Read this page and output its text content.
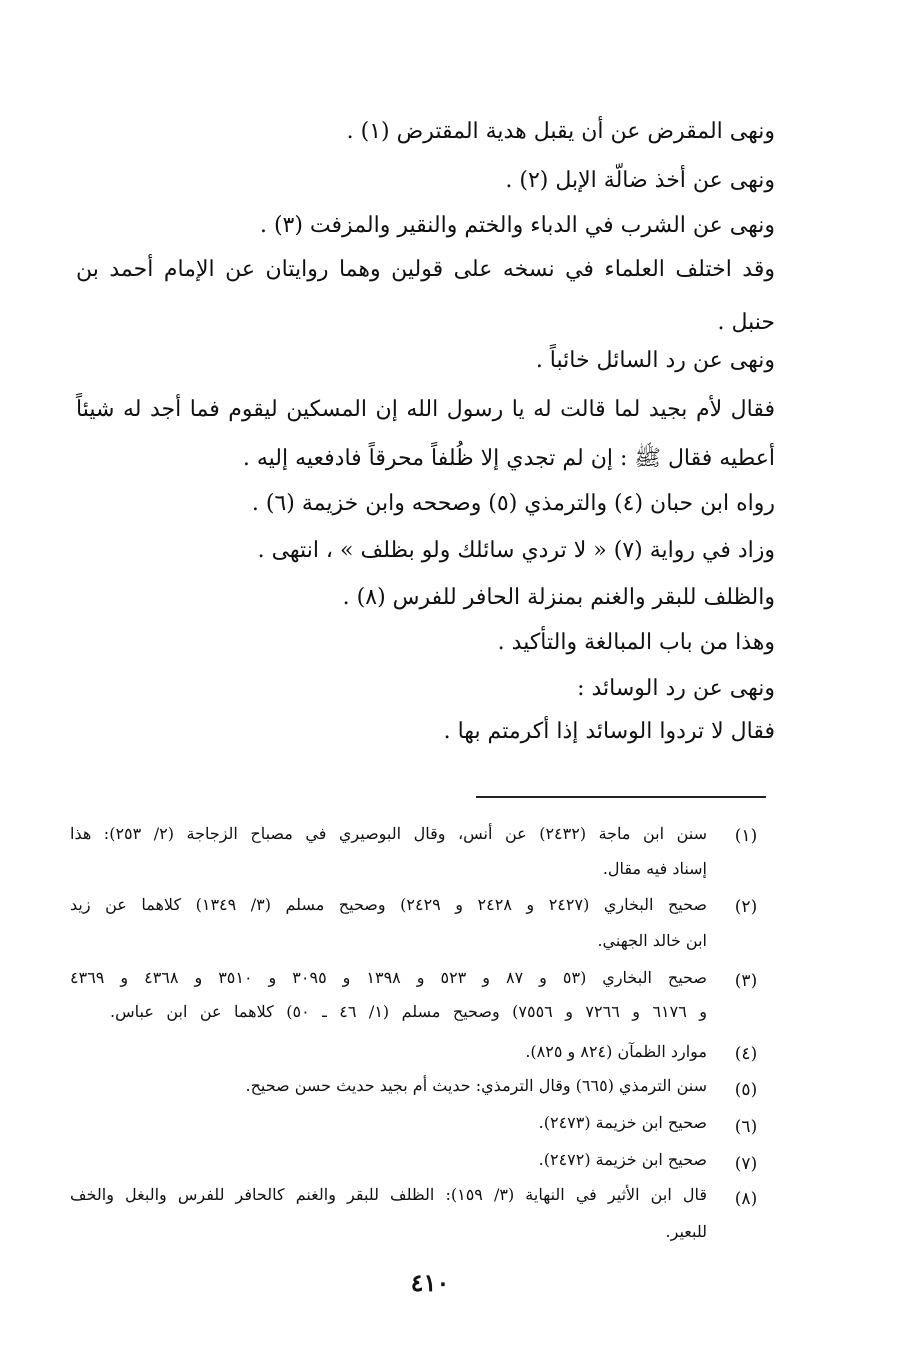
ونهى المقرض عن أن يقبل هدية المقترض (١) .
ونهى عن أخذ ضالّة الإبل (٢) .
ونهى عن الشرب في الدباء والختم والنقير والمزفت (٣) .
وقد اختلف العلماء في نسخه على قولين وهما روايتان عن الإمام أحمد بن
حنبل .
ونهى عن رد السائل خائباً .
فقال لأم بجيد لما قالت له يا رسول الله إن المسكين ليقوم فما أجد له شيئاً
أعطيه فقال ﷺ : إن لم تجدي إلا ظُلفاً محرقاً فادفعيه إليه .
رواه ابن حبان (٤) والترمذي (٥) وصححه وابن خزيمة (٦) .
وزاد في رواية (٧) « لا تردي سائلك ولو بظلف » ، انتهى .
والظلف للبقر والغنم بمنزلة الحافر للفرس (٨) .
وهذا من باب المبالغة والتأكيد .
ونهى عن رد الوسائد :
فقال لا تردوا الوسائد إذا أكرمتم بها .
(١)
سنن ابن ماجة (٢٤٣٢) عن أنس، وقال البوصيري في مصباح الزجاجة (٢/ ٢٥٣): هذا
إسناد فيه مقال.
(٢)
صحيح البخاري (٢٤٢٧ و ٢٤٢٨ و ٢٤٢٩) وصحيح مسلم (٣/ ١٣٤٩) كلاهما عن زيد
ابن خالد الجهني.
(٣)
صحيح البخاري (٥٣ و ٨٧ و ٥٢٣ و ١٣٩٨ و ٣٠٩٥ و ٣٥١٠ و ٤٣٦٨ و ٤٣٦٩
و ٦١٧٦ و ٧٢٦٦ و ٧٥٥٦) وصحيح مسلم (١/ ٤٦ ـ ٥٠) كلاهما عن ابن عباس.
(٤)
موارد الظمآن (٨٢٤ و ٨٢٥).
(٥)
سنن الترمذي (٦٦٥) وقال الترمذي: حديث أم بجيد حديث حسن صحيح.
(٦)
صحيح ابن خزيمة (٢٤٧٣).
(٧)
صحيح ابن خزيمة (٢٤٧٢).
(٨)
قال ابن الأثير في النهاية (٣/ ١٥٩): الظلف للبقر والغنم كالحافر للفرس والبغل والخف
للبعير.
٤١٠
